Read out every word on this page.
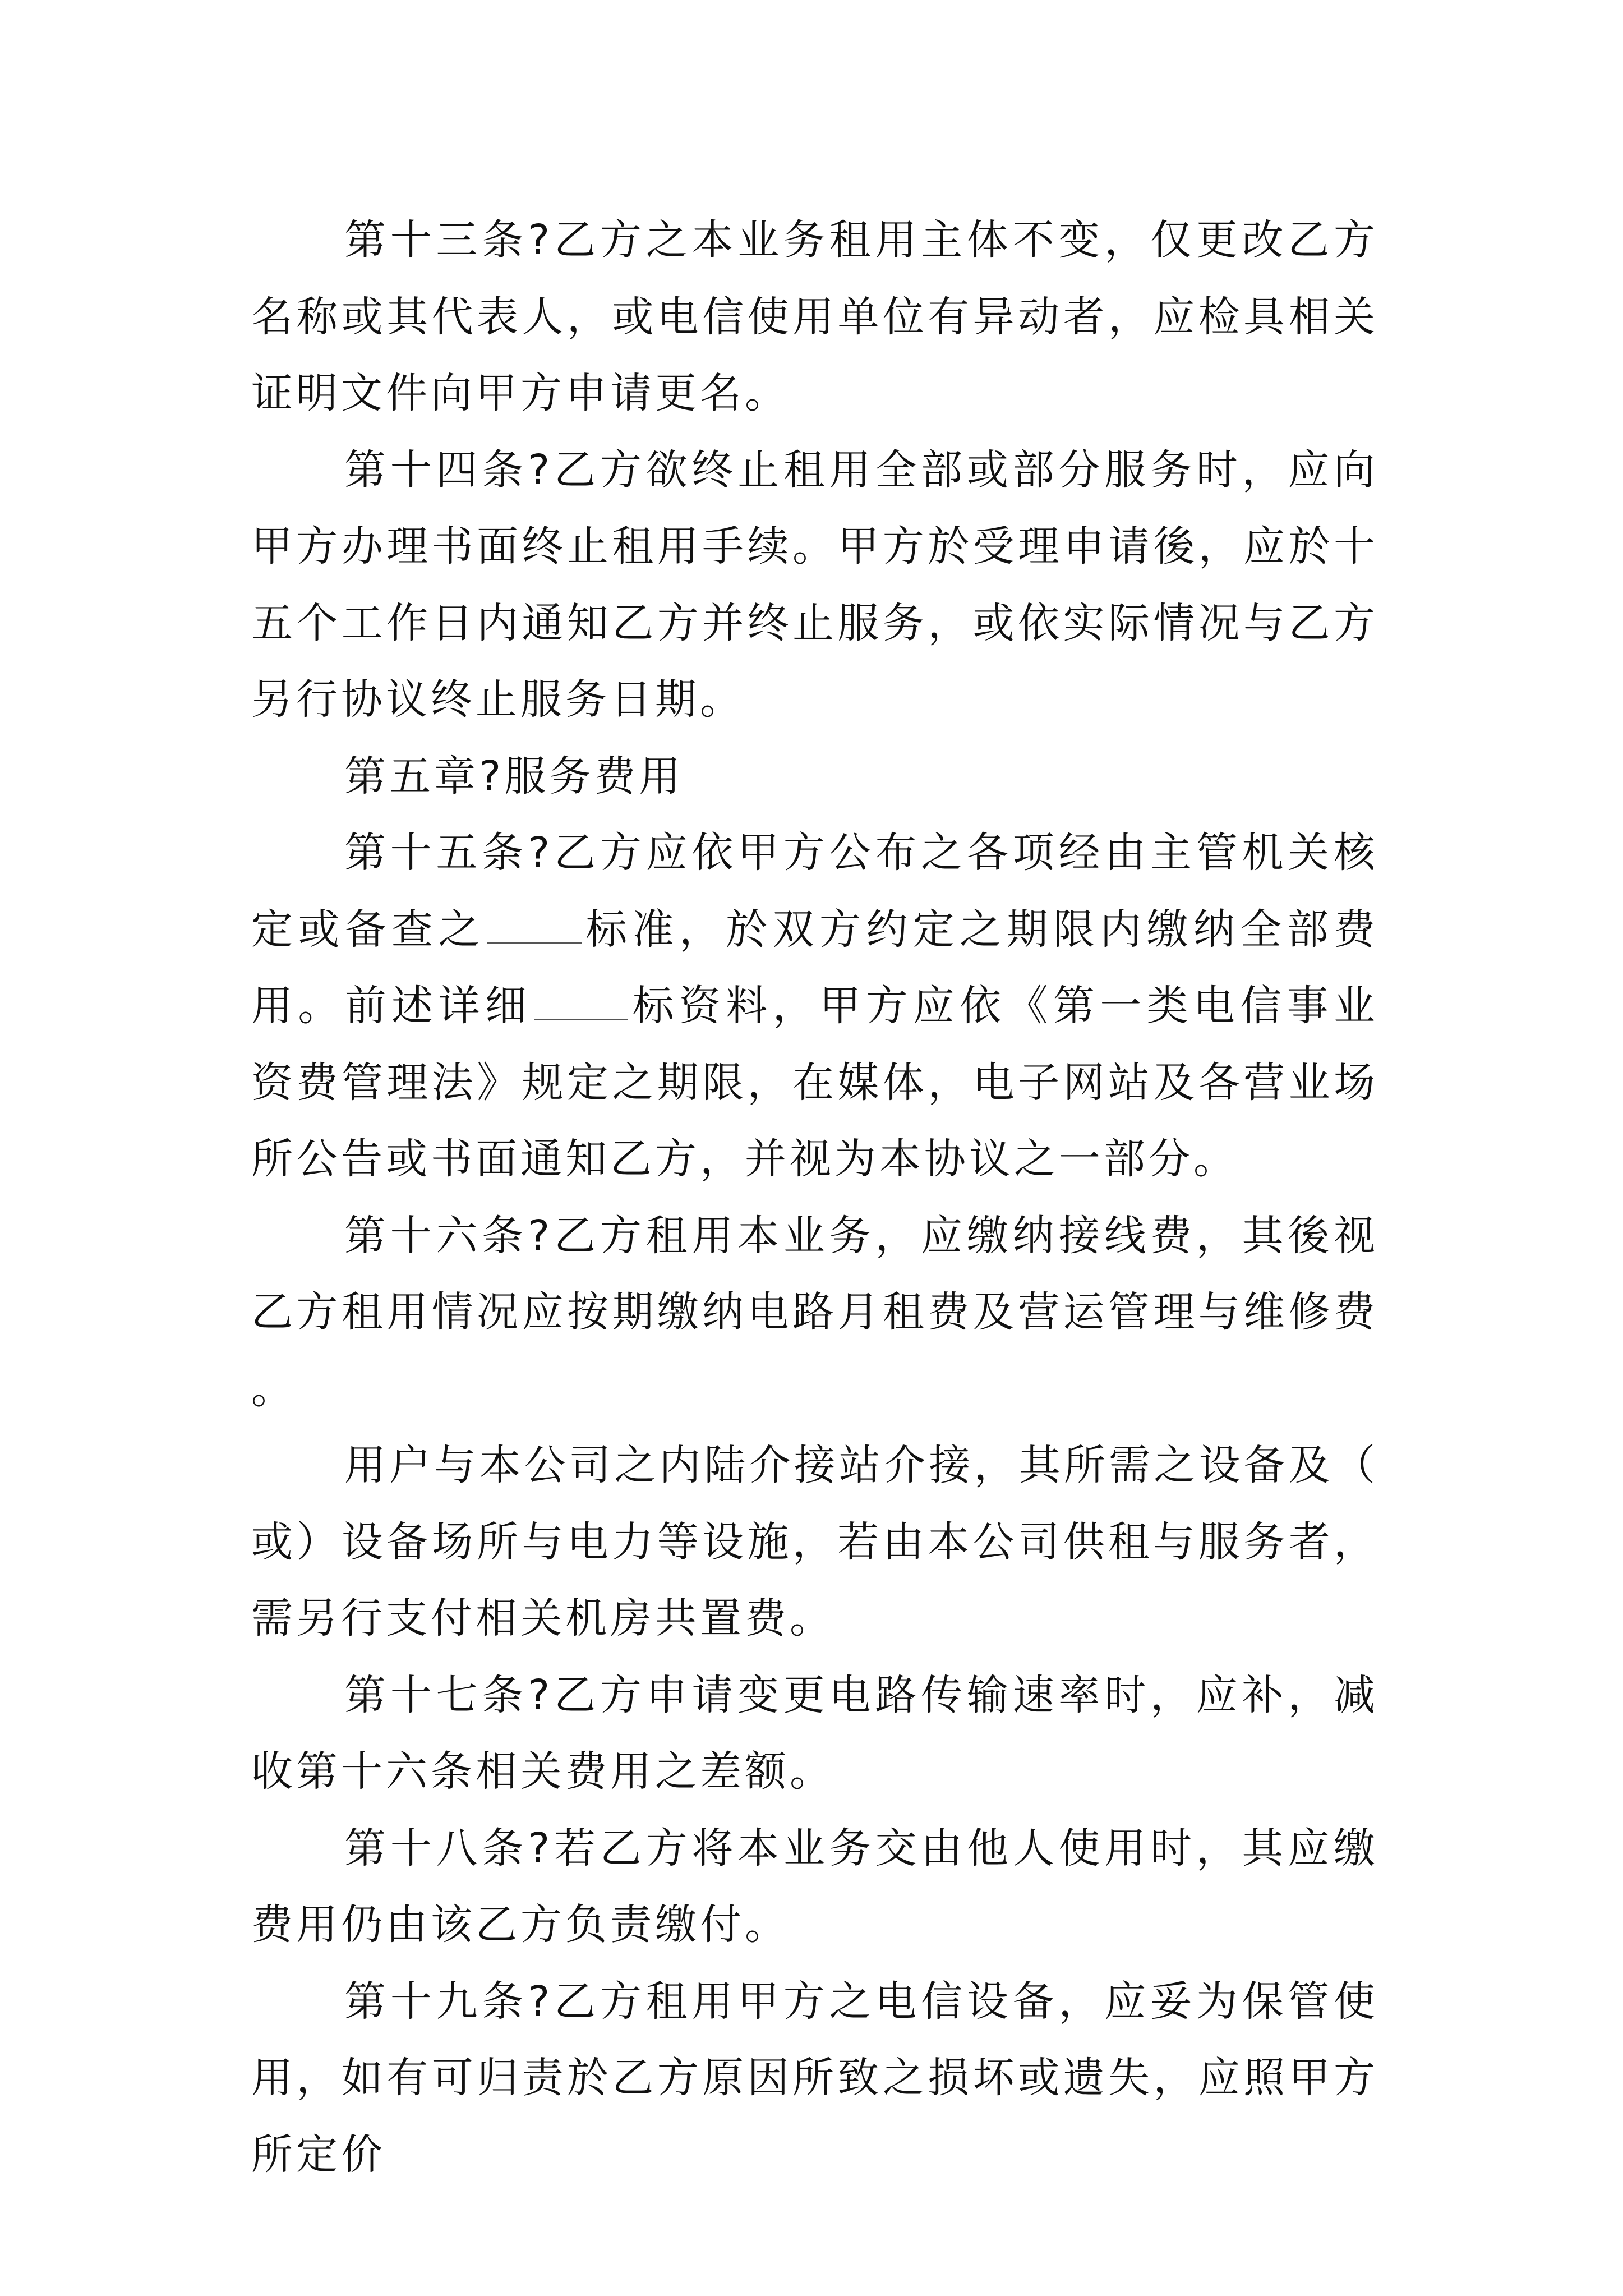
第十三条?乙方之本业务租用主体不变，仅更改乙方名称或其代表人，或电信使用单位有异动者，应检具相关证明文件向甲方申请更名。

第十四条?乙方欲终止租用全部或部分服务时，应向甲方办理书面终止租用手续。甲方於受理申请後，应於十五个工作日内通知乙方并终止服务，或依实际情况与乙方另行协议终止服务日期。

第五章?服务费用

第十五条?乙方应依甲方公布之各项经由主管机关核定或备查之 标准，於双方约定之期限内缴纳全部费用。前述详细 标资料，甲方应依《第一类电信事业资费管理法》规定之期限，在媒体，电子网站及各营业场所公告或书面通知乙方，并视为本协议之一部分。

第十六条?乙方租用本业务，应缴纳接线费，其後视乙方租用情况应按期缴纳电路月租费及营运管理与维修费。

用户与本公司之内陆介接站介接，其所需之设备及（或）设备场所与电力等设施，若由本公司供租与服务者，需另行支付相关机房共置费。

第十七条?乙方申请变更电路传输速率时，应补，减收第十六条相关费用之差额。

第十八条?若乙方将本业务交由他人使用时，其应缴费用仍由该乙方负责缴付。

第十九条?乙方租用甲方之电信设备，应妥为保管使用，如有可归责於乙方原因所致之损坏或遗失，应照甲方所定价
